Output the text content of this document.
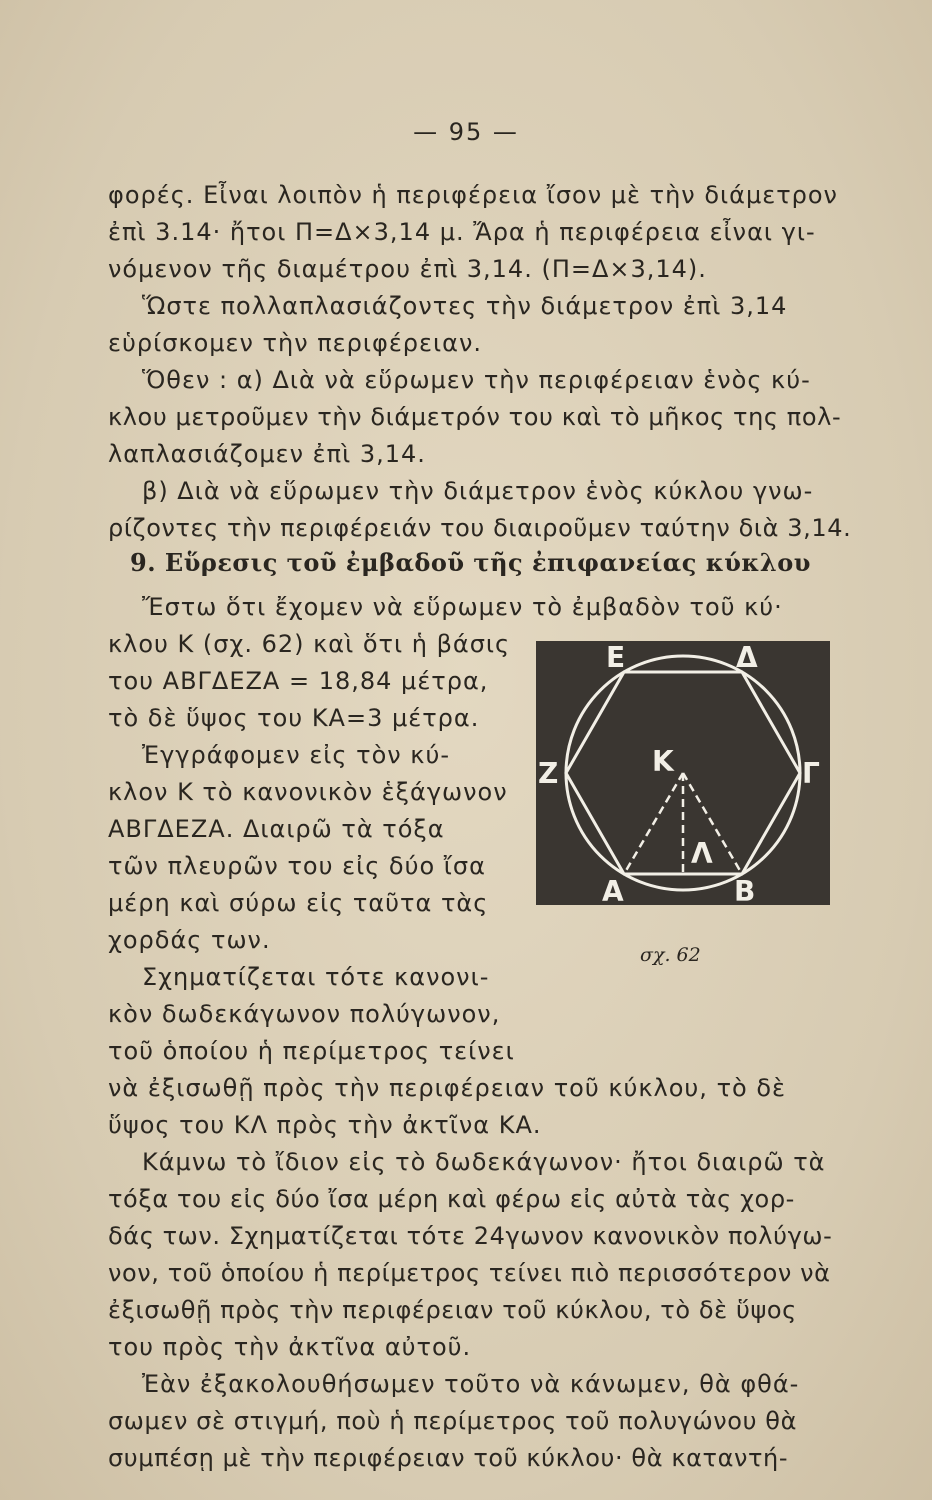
— 95 —
φορές. Εἶναι λοιπὸν ἡ περιφέρεια ἴσον μὲ τὴν διάμετρον
ἐπὶ 3.14· ἤτοι Π=Δ×3,14 μ. Ἄρα ἡ περιφέρεια εἶναι γι-
νόμενον τῆς διαμέτρου ἐπὶ 3,14. (Π=Δ×3,14).
Ὥστε πολλαπλασιάζοντες τὴν διάμετρον ἐπὶ 3,14
εὑρίσκομεν τὴν περιφέρειαν.
Ὅθεν : α) Διὰ νὰ εὕρωμεν τὴν περιφέρειαν ἑνὸς κύ-
κλου μετροῦμεν τὴν διάμετρόν του καὶ τὸ μῆκος της πολ-
λαπλασιάζομεν ἐπὶ 3,14.
β) Διὰ νὰ εὕρωμεν τὴν διάμετρον ἑνὸς κύκλου γνω-
ρίζοντες τὴν περιφέρειάν του διαιροῦμεν ταύτην διὰ 3,14.
9. Εὕρεσις τοῦ ἐμβαδοῦ τῆς ἐπιφανείας κύκλου
Ἔστω ὅτι ἔχομεν νὰ εὕρωμεν τὸ ἐμβαδὸν τοῦ κύ·
κλου Κ (σχ. 62) καὶ ὅτι ἡ βάσις
του ΑΒΓΔΕΖΑ = 18,84 μέτρα,
τὸ δὲ ὕψος του ΚΑ=3 μέτρα.
Ἐγγράφομεν εἰς τὸν κύ-
κλον Κ τὸ κανονικὸν ἑξάγωνον
ΑΒΓΔΕΖΑ. Διαιρῶ τὰ τόξα
τῶν πλευρῶν του εἰς δύο ἴσα
μέρη καὶ σύρω εἰς ταῦτα τὰς
χορδάς των.
Σχηματίζεται τότε κανονι-
κὸν δωδεκάγωνον πολύγωνον,
τοῦ ὁποίου ἡ περίμετρος τείνει
νὰ ἐξισωθῇ πρὸς τὴν περιφέρειαν τοῦ κύκλου, τὸ δὲ
ὕψος του ΚΛ πρὸς τὴν ἀκτῖνα ΚΑ.
Κάμνω τὸ ἴδιον εἰς τὸ δωδεκάγωνον· ἤτοι διαιρῶ τὰ
τόξα του εἰς δύο ἴσα μέρη καὶ φέρω εἰς αὐτὰ τὰς χορ-
δάς των. Σχηματίζεται τότε 24γωνον κανονικὸν πολύγω-
νον, τοῦ ὁποίου ἡ περίμετρος τείνει πιὸ περισσότερον νὰ
ἐξισωθῇ πρὸς τὴν περιφέρειαν τοῦ κύκλου, τὸ δὲ ὕψος
του πρὸς τὴν ἀκτῖνα αὐτοῦ.
Ἐὰν ἐξακολουθήσωμεν τοῦτο νὰ κάνωμεν, θὰ φθά-
σωμεν σὲ στιγμή, ποὺ ἡ περίμετρος τοῦ πολυγώνου θὰ
συμπέσῃ μὲ τὴν περιφέρειαν τοῦ κύκλου· θὰ καταντή-
Ε	Δ
Ζ	Γ
Κ
Λ
Α	Β
σχ. 62
